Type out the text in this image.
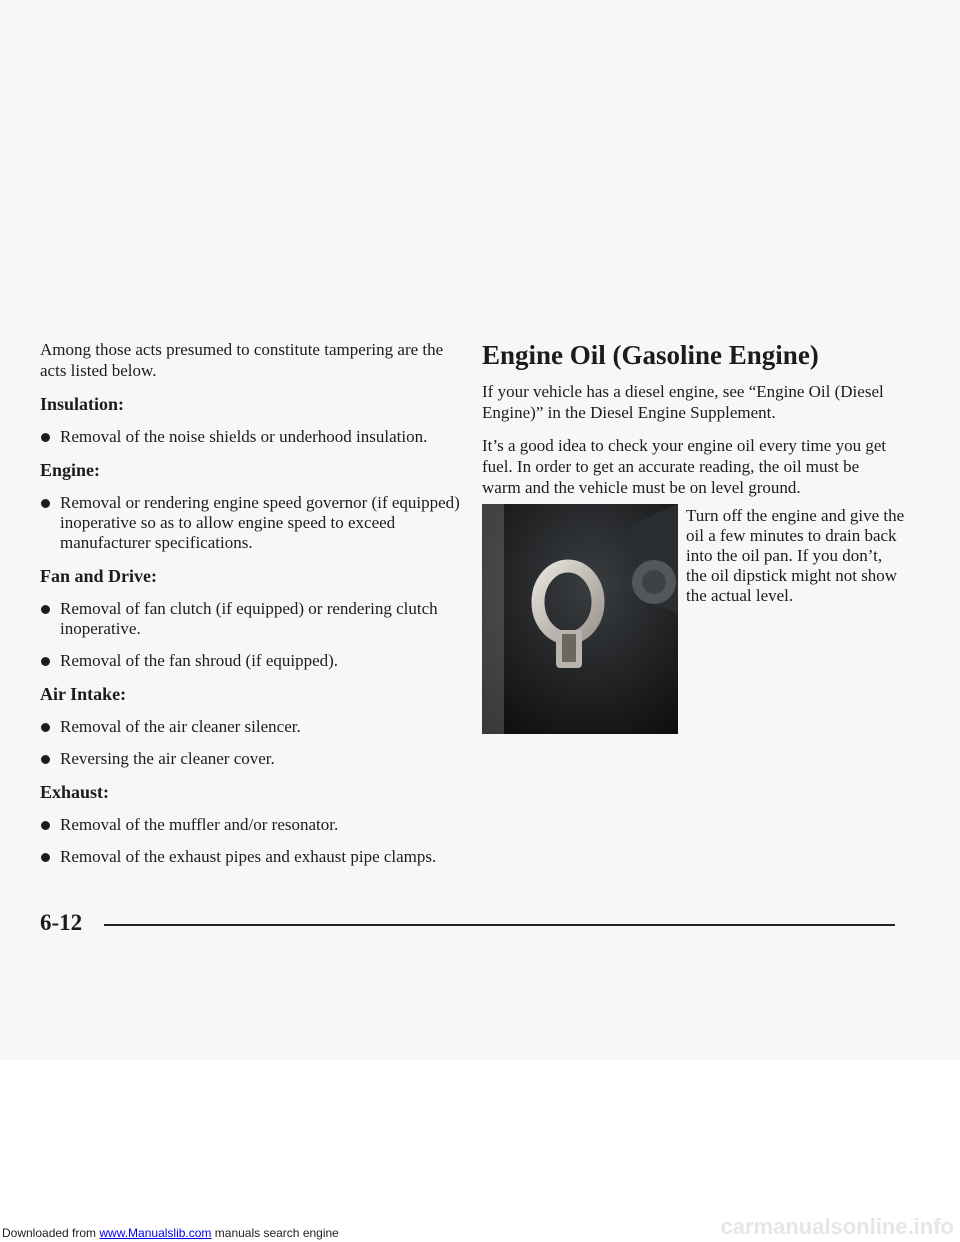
Among those acts presumed to constitute tampering are the acts listed below.

Insulation:
Removal of the noise shields or underhood insulation.
Engine:
Removal or rendering engine speed governor (if equipped) inoperative so as to allow engine speed to exceed manufacturer specifications.
Fan and Drive:
Removal of fan clutch (if equipped) or rendering clutch inoperative.
Removal of the fan shroud (if equipped).
Air Intake:
Removal of the air cleaner silencer.
Reversing the air cleaner cover.
Exhaust:
Removal of the muffler and/or resonator.
Removal of the exhaust pipes and exhaust pipe clamps.
Engine Oil (Gasoline Engine)

If your vehicle has a diesel engine, see “Engine Oil (Diesel Engine)” in the Diesel Engine Supplement.

It’s a good idea to check your engine oil every time you get fuel. In order to get an accurate reading, the oil must be warm and the vehicle must be on level ground.

Turn off the engine and give the oil a few minutes to drain back into the oil pan. If you don’t, the oil dipstick might not show the actual level.

6-12
Downloaded from www.Manualslib.com manuals search engine	carmanualsonline.info
